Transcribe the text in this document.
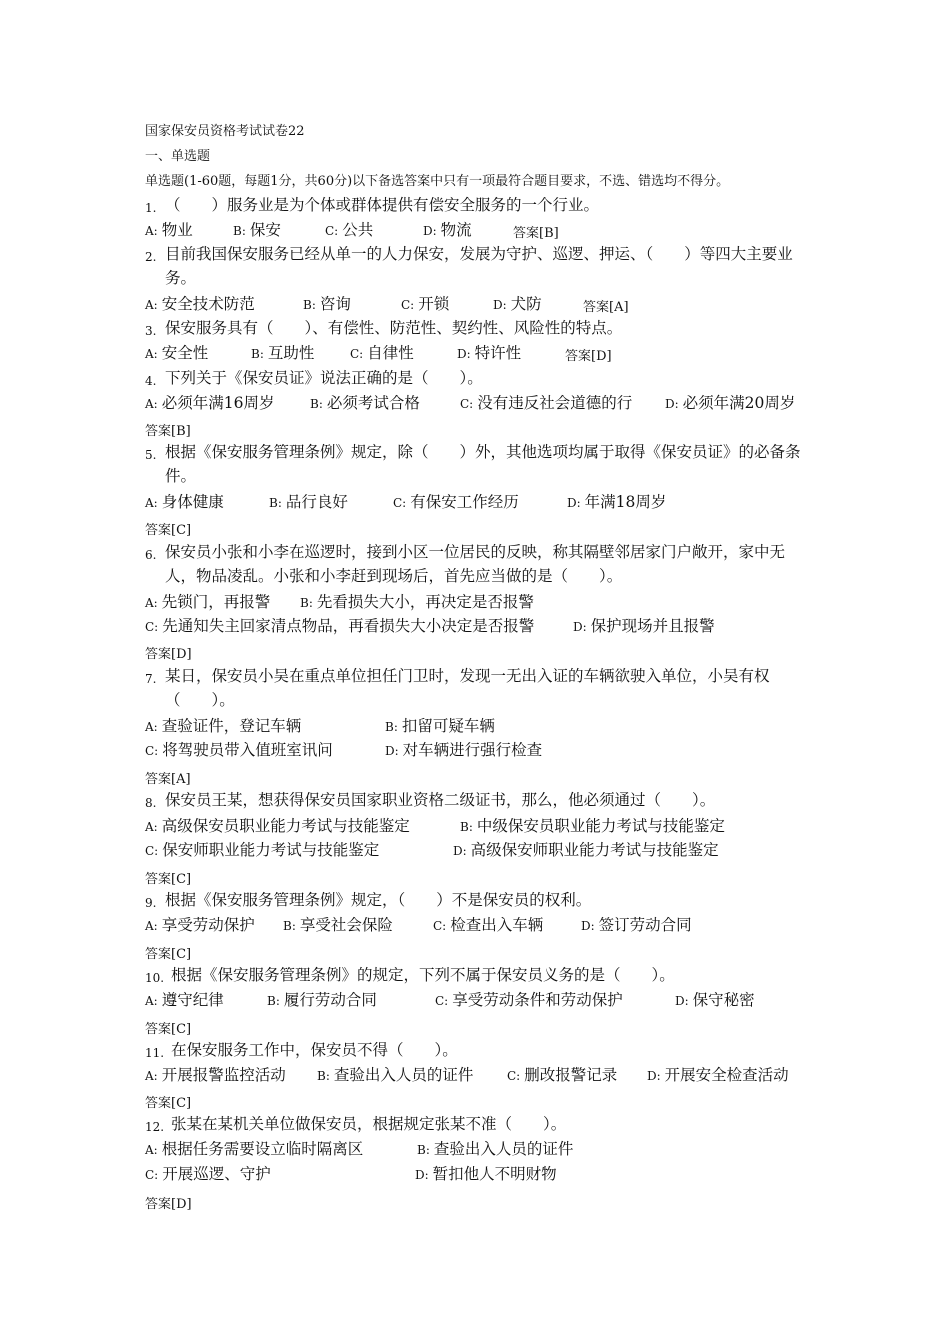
国家保安员资格考试试卷22
一、单选题
单选题(1-60题，每题1分，共60分)以下备选答案中只有一项最符合题目要求，不选、错选均不得分。
1. （　　）服务业是为个体或群体提供有偿安全服务的一个行业。
A: 物业	B: 保安	C: 公共	D: 物流	答案[B]
2. 目前我国保安服务已经从单一的人力保安，发展为守护、巡逻、押运、（　　）等四大主要业务。
A: 安全技术防范	B: 咨询	C: 开锁	D: 犬防	答案[A]
3. 保安服务具有（　　）、有偿性、防范性、契约性、风险性的特点。
A: 安全性	B: 互助性	C: 自律性	D: 特许性	答案[D]
4. 下列关于《保安员证》说法正确的是（　　）。
A: 必须年满16周岁	B: 必须考试合格	C: 没有违反社会道德的行	D: 必须年满20周岁
答案[B]
5. 根据《保安服务管理条例》规定，除（　　）外，其他选项均属于取得《保安员证》的必备条件。
A: 身体健康	B: 品行良好	C: 有保安工作经历	D: 年满18周岁
答案[C]
6. 保安员小张和小李在巡逻时，接到小区一位居民的反映，称其隔壁邻居家门户敞开，家中无人，物品凌乱。小张和小李赶到现场后，首先应当做的是（　　）。
A: 先锁门，再报警 B: 先看损失大小，再决定是否报警
C: 先通知失主回家清点物品，再看损失大小决定是否报警	D: 保护现场并且报警
答案[D]
7. 某日，保安员小吴在重点单位担任门卫时，发现一无出入证的车辆欲驶入单位，小吴有权（　　）。
A: 查验证件，登记车辆	B: 扣留可疑车辆
C: 将驾驶员带入值班室讯问	D: 对车辆进行强行检查
答案[A]
8. 保安员王某，想获得保安员国家职业资格二级证书，那么，他必须通过（　　）。
A: 高级保安员职业能力考试与技能鉴定	B: 中级保安员职业能力考试与技能鉴定
C: 保安师职业能力考试与技能鉴定	D: 高级保安师职业能力考试与技能鉴定
答案[C]
9. 根据《保安服务管理条例》规定，（　　）不是保安员的权利。
A: 享受劳动保护 B: 享受社会保险	C: 检查出入车辆	D: 签订劳动合同
答案[C]
10. 根据《保安服务管理条例》的规定，下列不属于保安员义务的是（　　）。
A: 遵守纪律	B: 履行劳动合同	C: 享受劳动条件和劳动保护	D: 保守秘密
答案[C]
11. 在保安服务工作中，保安员不得（　　）。
A: 开展报警监控活动	B: 查验出入人员的证件	C: 删改报警记录 D: 开展安全检查活动
答案[C]
12. 张某在某机关单位做保安员，根据规定张某不准（　　）。
A: 根据任务需要设立临时隔离区	B: 查验出入人员的证件
C: 开展巡逻、守护	D: 暂扣他人不明财物
答案[D]
